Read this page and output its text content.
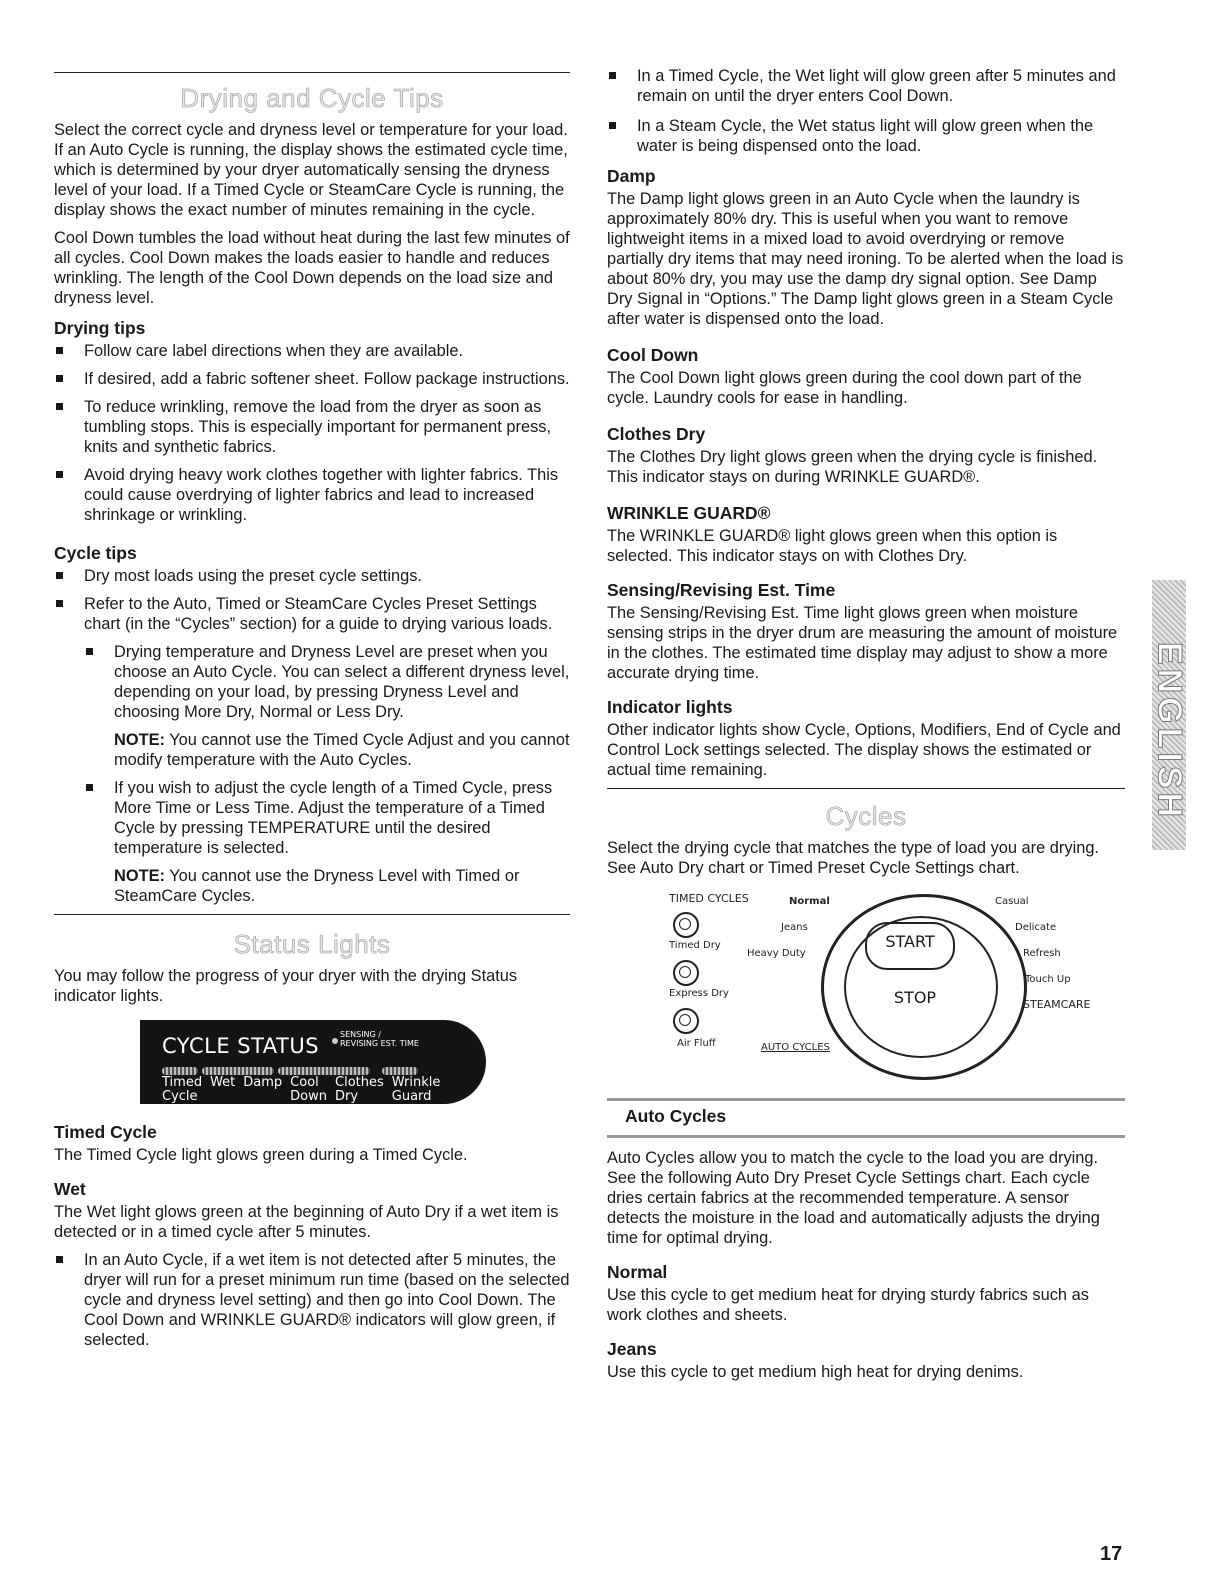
Drying and Cycle Tips

Select the correct cycle and dryness level or temperature for your load. If an Auto Cycle is running, the display shows the estimated cycle time, which is determined by your dryer automatically sensing the dryness level of your load. If a Timed Cycle or SteamCare Cycle is running, the display shows the exact number of minutes remaining in the cycle.

Cool Down tumbles the load without heat during the last few minutes of all cycles. Cool Down makes the loads easier to handle and reduces wrinkling. The length of the Cool Down depends on the load size and dryness level.

Drying tips
Follow care label directions when they are available.
If desired, add a fabric softener sheet. Follow package instructions.
To reduce wrinkling, remove the load from the dryer as soon as tumbling stops. This is especially important for permanent press, knits and synthetic fabrics.
Avoid drying heavy work clothes together with lighter fabrics. This could cause overdrying of lighter fabrics and lead to increased shrinkage or wrinkling.
Cycle tips
Dry most loads using the preset cycle settings.
Refer to the Auto, Timed or SteamCare Cycles Preset Settings chart (in the “Cycles” section) for a guide to drying various loads.
Drying temperature and Dryness Level are preset when you choose an Auto Cycle. You can select a different dryness level, depending on your load, by pressing Dryness Level and choosing More Dry, Normal or Less Dry.

NOTE: You cannot use the Timed Cycle Adjust and you cannot modify temperature with the Auto Cycles.

If you wish to adjust the cycle length of a Timed Cycle, press More Time or Less Time. Adjust the temperature of a Timed Cycle by pressing TEMPERATURE until the desired temperature is selected.

NOTE: You cannot use the Dryness Level with Timed or SteamCare Cycles.

Status Lights

You may follow the progress of your dryer with the drying Status indicator lights.

CYCLE STATUS	SENSING /
REVISING EST. TIME
Timed
Cycle
Wet Damp Cool
Down
Clothes
Dry
Wrinkle
Guard
Timed Cycle

The Timed Cycle light glows green during a Timed Cycle.

Wet

The Wet light glows green at the beginning of Auto Dry if a wet item is detected or in a timed cycle after 5 minutes.

In an Auto Cycle, if a wet item is not detected after 5 minutes, the dryer will run for a preset minimum run time (based on the selected cycle and dryness level setting) and then go into Cool Down. The Cool Down and WRINKLE GUARD® indicators will glow green, if selected.
In a Timed Cycle, the Wet light will glow green after 5 minutes and remain on until the dryer enters Cool Down.
In a Steam Cycle, the Wet status light will glow green when the water is being dispensed onto the load.
Damp

The Damp light glows green in an Auto Cycle when the laundry is approximately 80% dry. This is useful when you want to remove lightweight items in a mixed load to avoid overdrying or remove partially dry items that may need ironing. To be alerted when the load is about 80% dry, you may use the damp dry signal option. See Damp Dry Signal in “Options.” The Damp light glows green in a Steam Cycle after water is dispensed onto the load.

Cool Down

The Cool Down light glows green during the cool down part of the cycle. Laundry cools for ease in handling.

Clothes Dry

The Clothes Dry light glows green when the drying cycle is finished. This indicator stays on during WRINKLE GUARD®.

WRINKLE GUARD®

The WRINKLE GUARD® light glows green when this option is selected. This indicator stays on with Clothes Dry.

Sensing/Revising Est. Time

The Sensing/Revising Est. Time light glows green when moisture sensing strips in the dryer drum are measuring the amount of moisture in the clothes. The estimated time display may adjust to show a more accurate drying time.

Indicator lights

Other indicator lights show Cycle, Options, Modifiers, End of Cycle and Control Lock settings selected. The display shows the estimated or actual time remaining.

Cycles

Select the drying cycle that matches the type of load you are drying. See Auto Dry chart or Timed Preset Cycle Settings chart.

TIMED CYCLES
Timed Dry
Express Dry
Air Fluff
START
STOP
Normal
Jeans
Heavy Duty
AUTO CYCLES
Casual
Delicate
Refresh
Touch Up
STEAMCARE
Auto Cycles

Auto Cycles allow you to match the cycle to the load you are drying. See the following Auto Dry Preset Cycle Settings chart. Each cycle dries certain fabrics at the recommended temperature. A sensor detects the moisture in the load and automatically adjusts the drying time for optimal drying.

Normal

Use this cycle to get medium heat for drying sturdy fabrics such as work clothes and sheets.

Jeans

Use this cycle to get medium high heat for drying denims.

ENGLISH
17
